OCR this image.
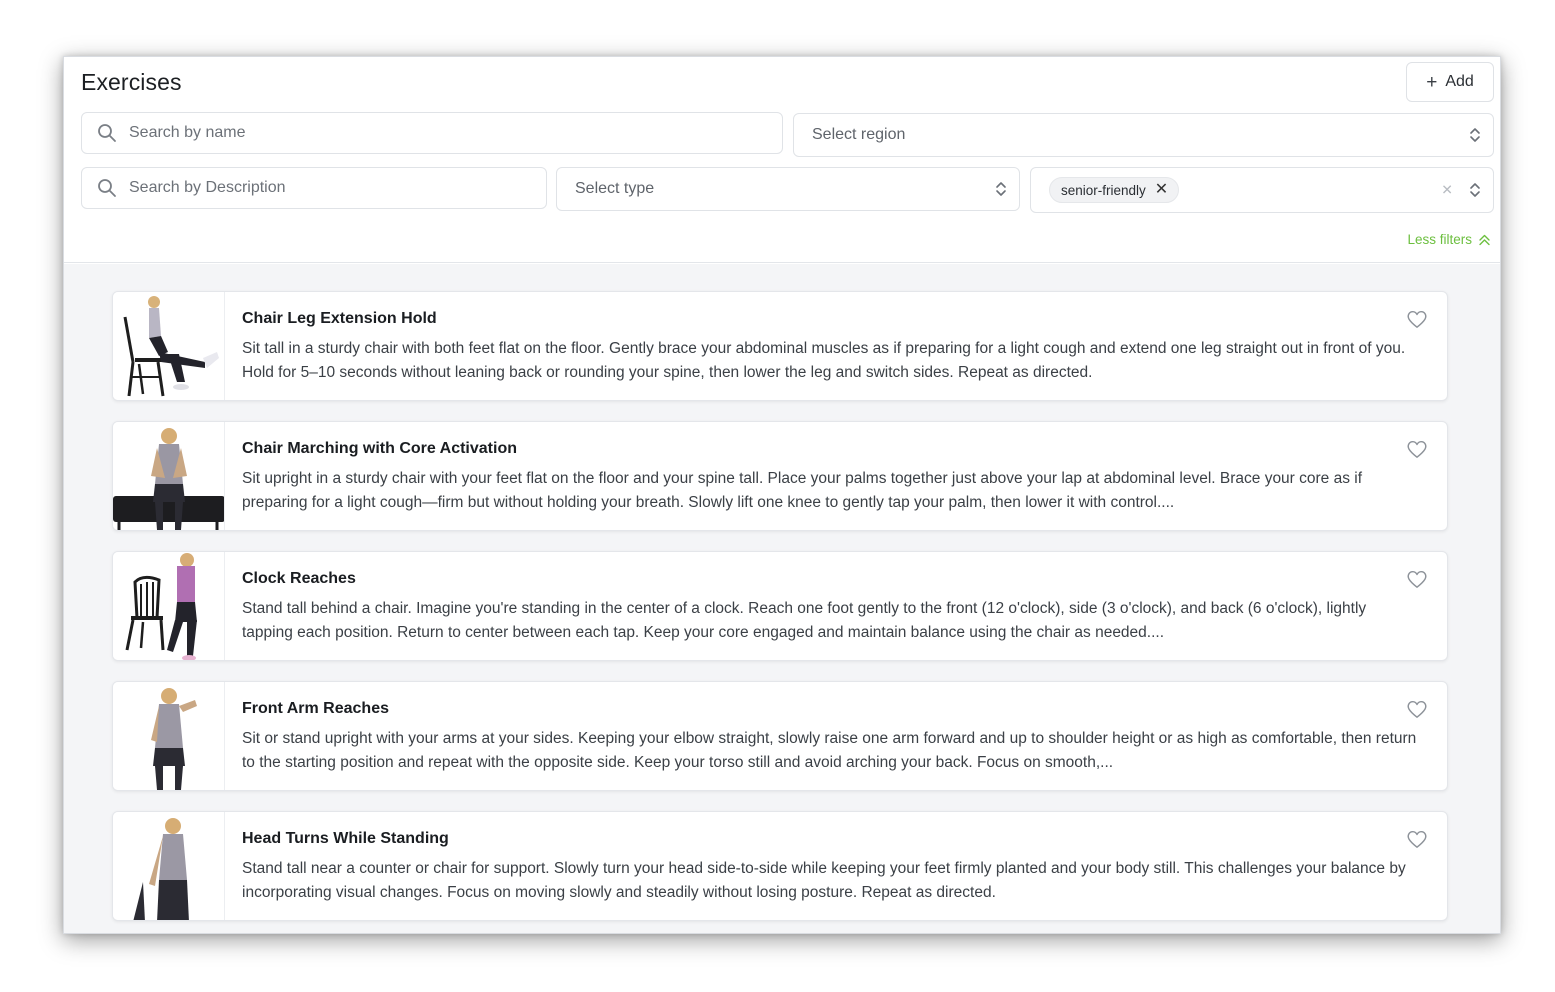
Exercises	+ Add
Search by name
Select region
Search by Description
Select type	senior-friendly ✕	✕
Less filters
Chair Leg Extension Hold
Sit tall in a sturdy chair with both feet flat on the floor. Gently brace your abdominal muscles as if preparing for a light cough and extend one leg straight out in front of you. Hold for 5–10 seconds without leaning back or rounding your spine, then lower the leg and switch sides. Repeat as directed.
Chair Marching with Core Activation
Sit upright in a sturdy chair with your feet flat on the floor and your spine tall. Place your palms together just above your lap at abdominal level. Brace your core as if preparing for a light cough—firm but without holding your breath. Slowly lift one knee to gently tap your palm, then lower it with control....
Clock Reaches
Stand tall behind a chair. Imagine you're standing in the center of a clock. Reach one foot gently to the front (12 o'clock), side (3 o'clock), and back (6 o'clock), lightly tapping each position. Return to center between each tap. Keep your core engaged and maintain balance using the chair as needed....
Front Arm Reaches
Sit or stand upright with your arms at your sides. Keeping your elbow straight, slowly raise one arm forward and up to shoulder height or as high as comfortable, then return to the starting position and repeat with the opposite side. Keep your torso still and avoid arching your back. Focus on smooth,...
Head Turns While Standing
Stand tall near a counter or chair for support. Slowly turn your head side-to-side while keeping your feet firmly planted and your body still. This challenges your balance by incorporating visual changes. Focus on moving slowly and steadily without losing posture. Repeat as directed.
